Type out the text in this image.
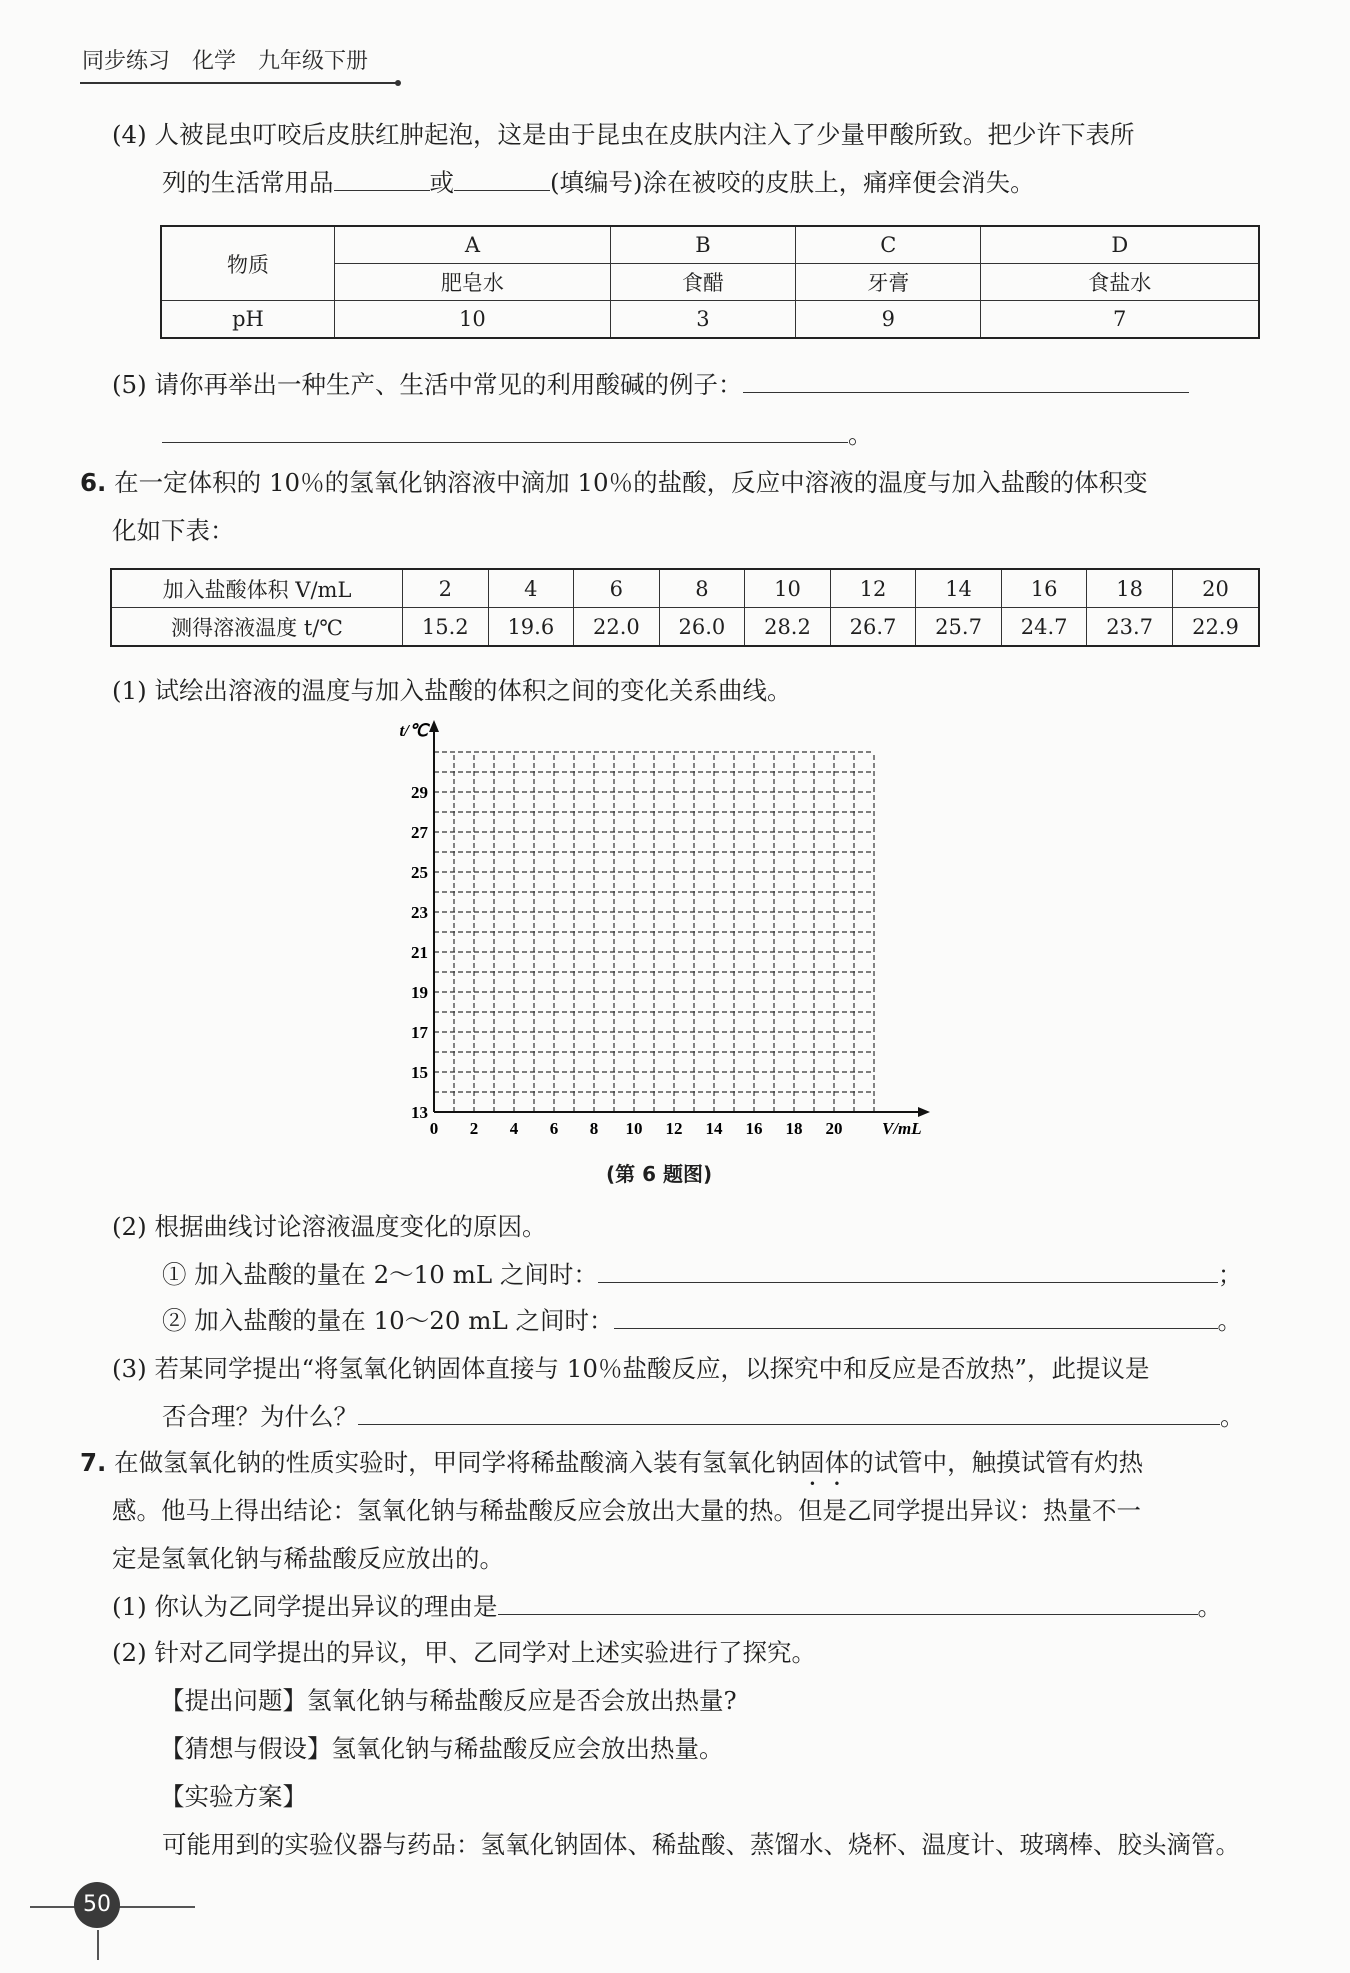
同步练习　化学　九年级下册
(4) 人被昆虫叮咬后皮肤红肿起泡，这是由于昆虫在皮肤内注入了少量甲酸所致。把少许下表所
列的生活常用品	或	(填编号)涂在被咬的皮肤上，痛痒便会消失。
物质	A	B	C	D
	肥皂水	食醋	牙膏	食盐水
pH	10	3	9	7
(5) 请你再举出一种生产、生活中常见的利用酸碱的例子：
。
6. 在一定体积的 10％的氢氧化钠溶液中滴加 10％的盐酸，反应中溶液的温度与加入盐酸的体积变
化如下表：
加入盐酸体积 V/mL	2	4	6	8	10	12	14	16	18	20
测得溶液温度 t/℃	15.2	19.6	22.0	26.0	28.2	26.7	25.7	24.7	23.7	22.9
(1) 试绘出溶液的温度与加入盐酸的体积之间的变化关系曲线。
0 2 4 6 8 10 12 14 16 18 20
13
15
17
19
21
23
25
27
29
V/mL
t/℃
(第 6 题图)
(2) 根据曲线讨论溶液温度变化的原因。
① 加入盐酸的量在 2～10 mL 之间时：	；
② 加入盐酸的量在 10～20 mL 之间时：	。
(3) 若某同学提出“将氢氧化钠固体直接与 10％盐酸反应，以探究中和反应是否放热”，此提议是
否合理？为什么？	。
7. 在做氢氧化钠的性质实验时，甲同学将稀盐酸滴入装有氢氧化钠固体的试管中，触摸试管有灼热
感。他马上得出结论：氢氧化钠与稀盐酸反应会放出大量的热。但是乙同学提出异议：热量不一
定是氢氧化钠与稀盐酸反应放出的。
(1) 你认为乙同学提出异议的理由是	。
(2) 针对乙同学提出的异议，甲、乙同学对上述实验进行了探究。
【提出问题】氢氧化钠与稀盐酸反应是否会放出热量?
【猜想与假设】氢氧化钠与稀盐酸反应会放出热量。
【实验方案】
可能用到的实验仪器与药品：氢氧化钠固体、稀盐酸、蒸馏水、烧杯、温度计、玻璃棒、胶头滴管。
50
